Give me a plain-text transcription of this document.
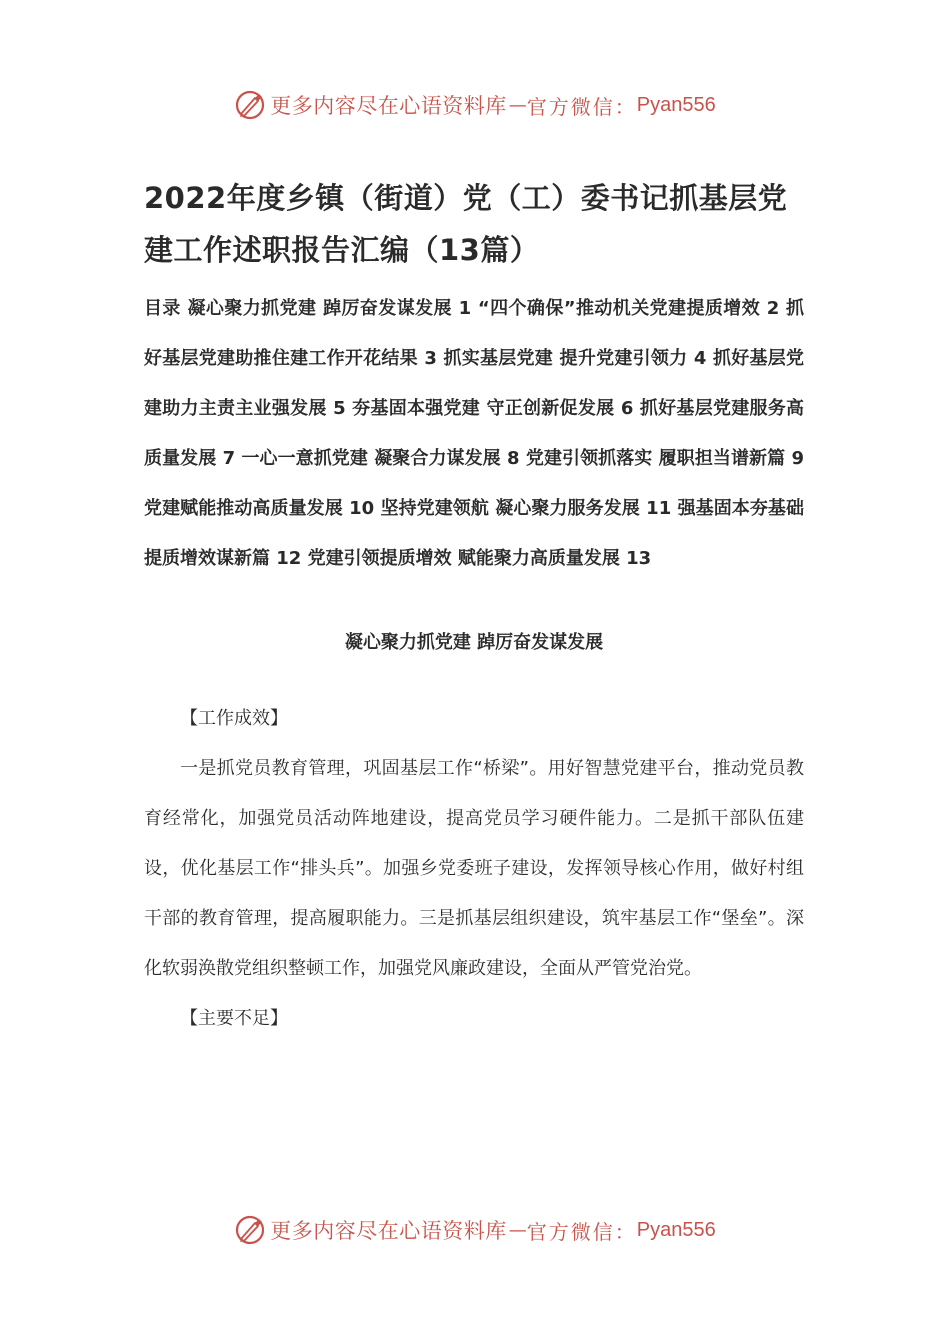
更多内容尽在心语资料库 — 官方微信： Pyan556
2022年度乡镇（街道）党（工）委书记抓基层党建工作述职报告汇编（13篇）

目录 凝心聚力抓党建 踔厉奋发谋发展 1 “四个确保”推动机关党建提质增效 2 抓好基层党建助推住建工作开花结果 3 抓实基层党建 提升党建引领力 4 抓好基层党建助力主责主业强发展 5 夯基固本强党建 守正创新促发展 6 抓好基层党建服务高质量发展 7 一心一意抓党建 凝聚合力谋发展 8 党建引领抓落实 履职担当谱新篇 9 党建赋能推动高质量发展 10 坚持党建领航 凝心聚力服务发展 11 强基固本夯基础 提质增效谋新篇 12 党建引领提质增效 赋能聚力高质量发展 13

凝心聚力抓党建 踔厉奋发谋发展

【工作成效】

一是抓党员教育管理，巩固基层工作“桥梁”。用好智慧党建平台，推动党员教育经常化，加强党员活动阵地建设，提高党员学习硬件能力。二是抓干部队伍建设，优化基层工作“排头兵”。加强乡党委班子建设，发挥领导核心作用，做好村组干部的教育管理，提高履职能力。三是抓基层组织建设，筑牢基层工作“堡垒”。深化软弱涣散党组织整顿工作，加强党风廉政建设，全面从严管党治党。

【主要不足】

更多内容尽在心语资料库 — 官方微信： Pyan556
